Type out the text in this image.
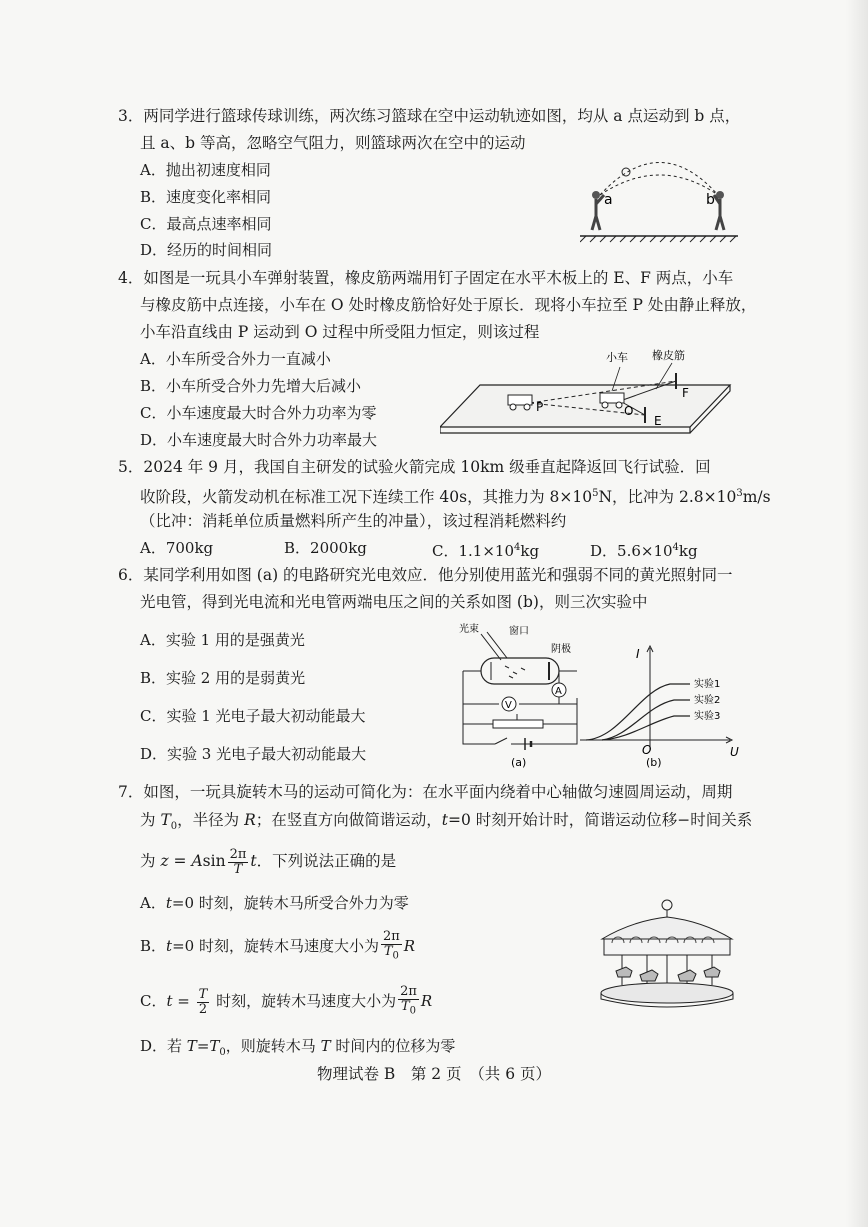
3．两同学进行篮球传球训练，两次练习篮球在空中运动轨迹如图，均从 a 点运动到 b 点，
且 a、b 等高，忽略空气阻力，则篮球两次在空中的运动
A．抛出初速度相同
B．速度变化率相同
C．最高点速率相同
D．经历的时间相同
a	b
4．如图是一玩具小车弹射装置，橡皮筋两端用钉子固定在水平木板上的 E、F 两点，小车
与橡皮筋中点连接，小车在 O 处时橡皮筋恰好处于原长．现将小车拉至 P 处由静止释放，
小车沿直线由 P 运动到 O 过程中所受阻力恒定，则该过程
A．小车所受合外力一直减小
B．小车所受合外力先增大后减小
C．小车速度最大时合外力功率为零
D．小车速度最大时合外力功率最大
小车 橡皮筋
P	O
E
F
5．2024 年 9 月，我国自主研发的试验火箭完成 10km 级垂直起降返回飞行试验．回
收阶段，火箭发动机在标准工况下连续工作 40s，其推力为 $8\times 10^5N$，比冲为 $2.8\times 10^3m/s$
（比冲：消耗单位质量燃料所产生的冲量），该过程消耗燃料约
A．700kg	B．2000kg	C．$1.1\times 10^4kg$	D．$5.6\times 10^4kg$
6．某同学利用如图 (a) 的电路研究光电效应．他分别使用蓝光和强弱不同的黄光照射同一
光电管，得到光电流和光电管两端电压之间的关系如图 (b)，则三次实验中
A．实验 1 用的是强黄光
B．实验 2 用的是弱黄光
C．实验 1 光电子最大初动能最大
D．实验 3 光电子最大初动能最大
光束	窗口
阴极
A
V
(a)
I
U
O
实验1
实验2
实验3
(b)
7．如图，一玩具旋转木马的运动可简化为：在水平面内绕着中心轴做匀速圆周运动，周期
为 $T_0$，半径为 R；在竖直方向做简谐运动，t=0 时刻开始计时，简谐运动位移−时间关系
为 z = Asin $\frac{2\pi}{T}$ t．下列说法正确的是
A．t=0 时刻，旋转木马所受合外力为零
B．t=0 时刻，旋转木马速度大小为 $\frac{2\pi}{T_0}$ R
C．$t = \frac{T}{2}$ 时刻，旋转木马速度大小为 $\frac{2\pi}{T_0}$ R
D．若 $T=T_0$，则旋转木马 T 时间内的位移为零
物理试卷 B　第 2 页　（共 6 页）
